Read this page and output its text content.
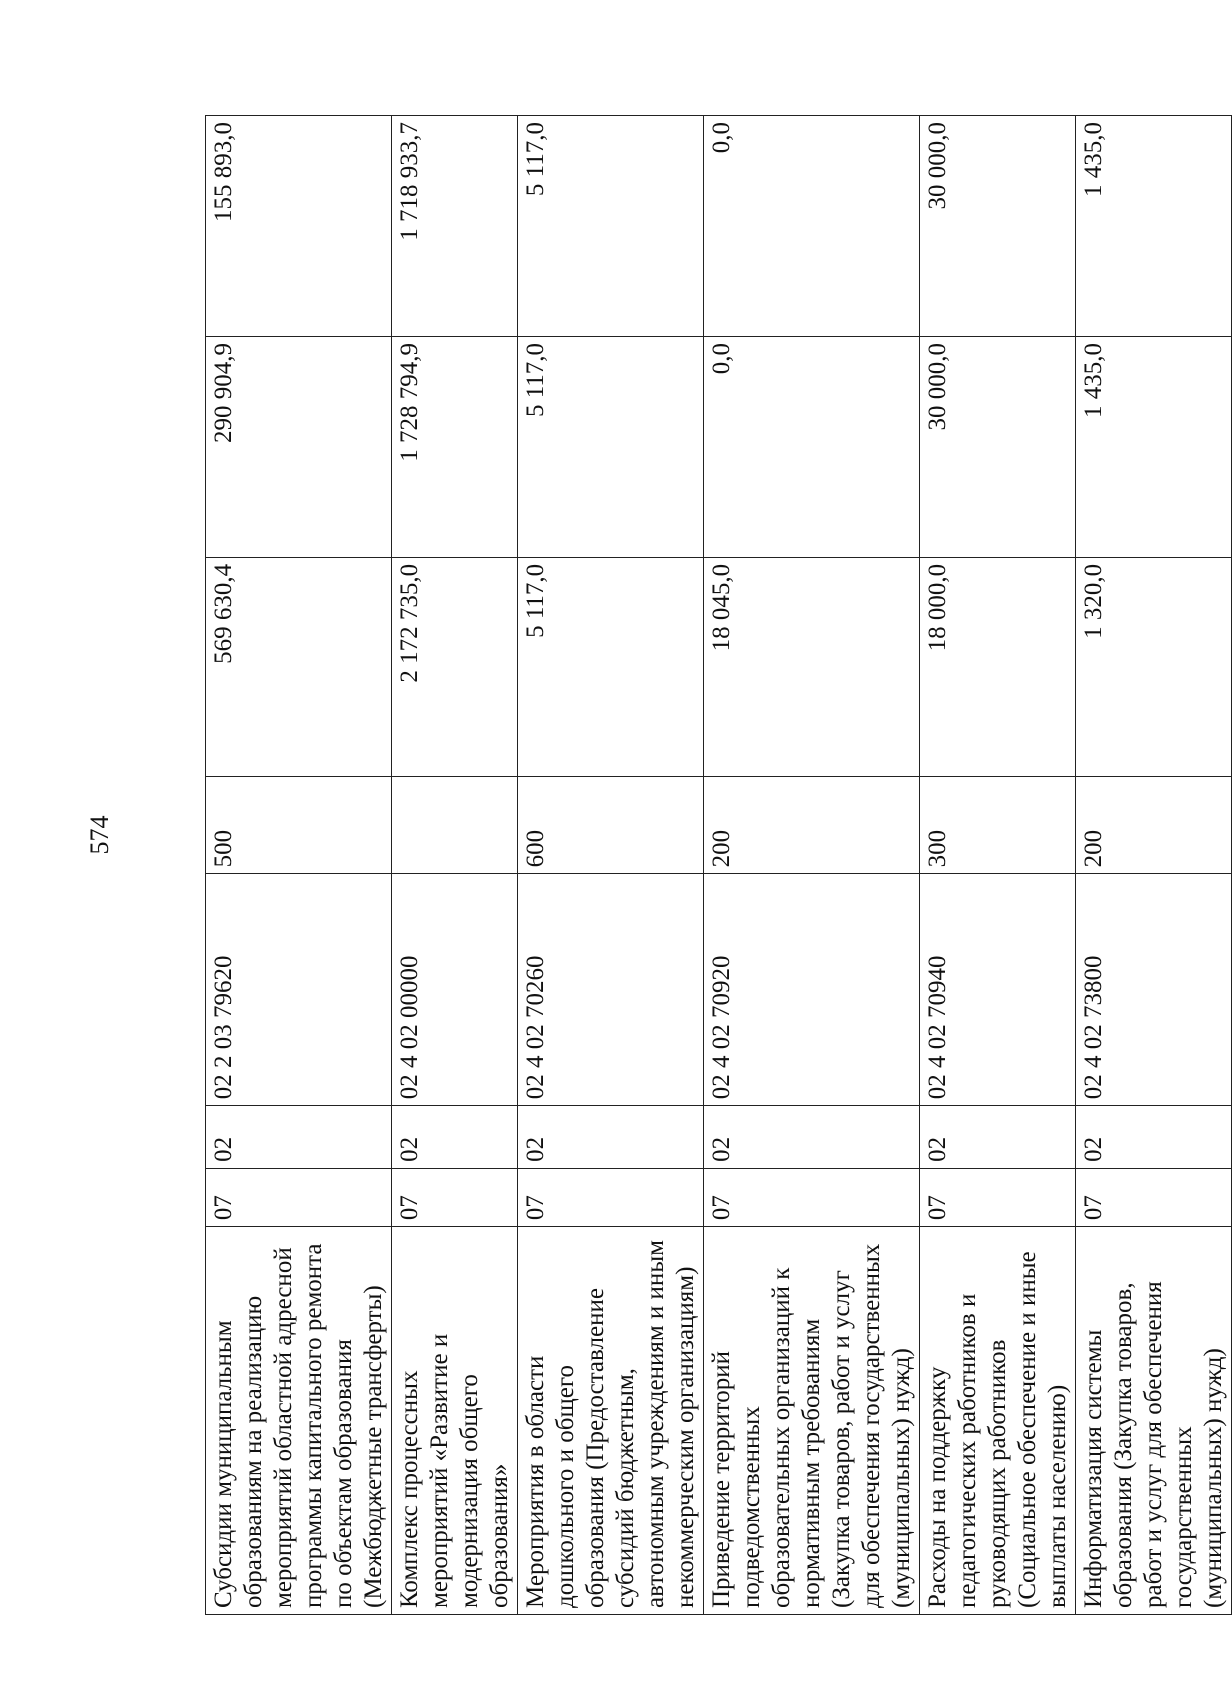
574
Субсидии муниципальным образованиям на реализацию мероприятий областной адресной программы капитального ремонта по объектам образования (Межбюджетные трансферты)	07	02	02 2 03 79620	500	569 630,4	290 904,9	155 893,0

Комплекс процессных мероприятий «Развитие и модернизация общего образования»	07	02	02 4 02 00000		2 172 735,0	1 728 794,9	1 718 933,7

Мероприятия в области дошкольного и общего образования (Предоставление субсидий бюджетным, автономным учреждениям и иным некоммерческим организациям)	07	02	02 4 02 70260	600	5 117,0	5 117,0	5 117,0

Приведение территорий подведомственных образовательных организаций к нормативным требованиям (Закупка товаров, работ и услуг для обеспечения государственных (муниципальных) нужд)	07	02	02 4 02 70920	200	18 045,0	0,0	0,0

Расходы на поддержку педагогических работников и руководящих работников (Социальное обеспечение и иные выплаты населению)	07	02	02 4 02 70940	300	18 000,0	30 000,0	30 000,0

Информатизация системы образования (Закупка товаров, работ и услуг для обеспечения государственных (муниципальных) нужд)	07	02	02 4 02 73800	200	1 320,0	1 435,0	1 435,0
